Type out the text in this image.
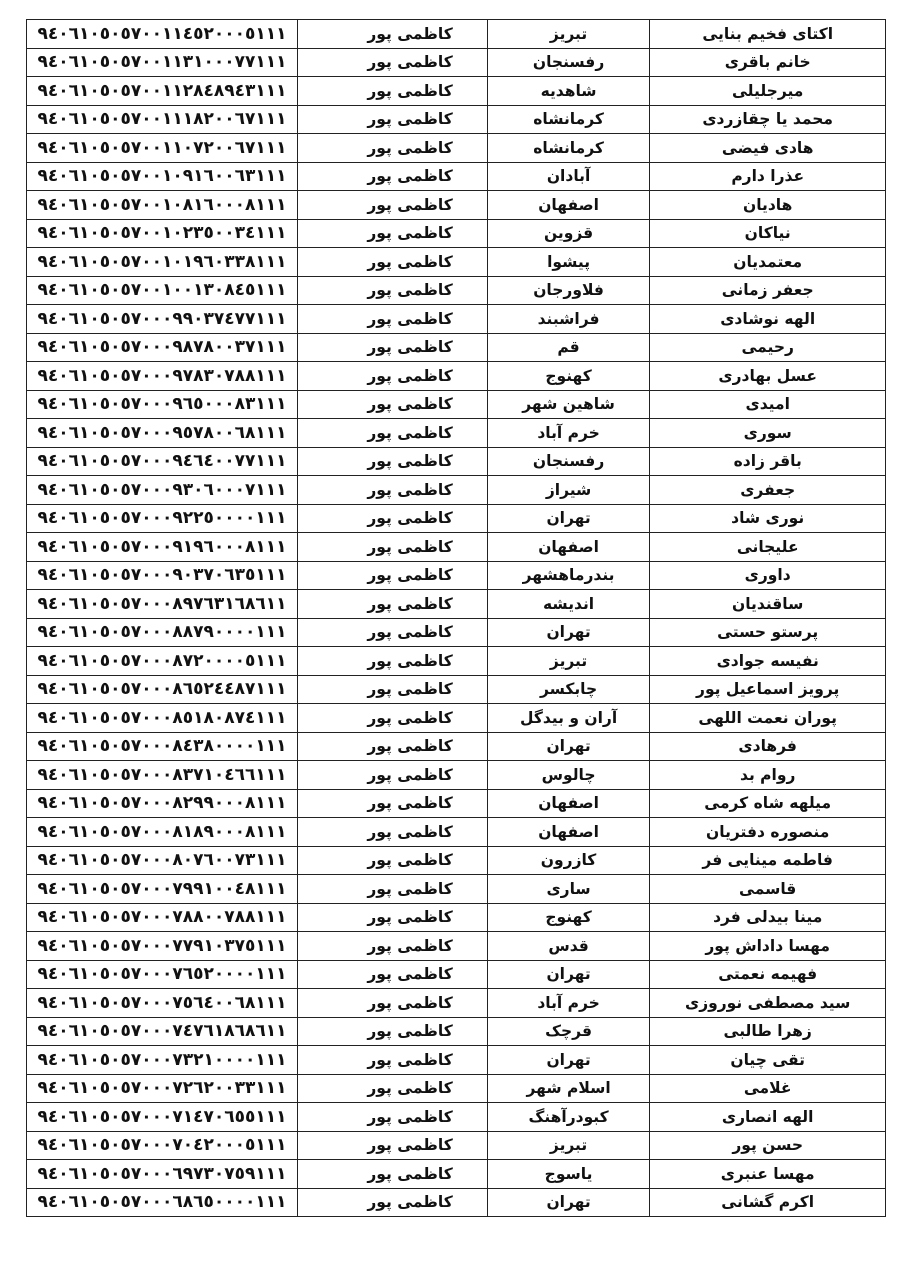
٩٤٠٦١٠٥٠٥٧٠٠١١٤٥٢٠٠٠٥١١١	کاظمی پور	تبریز	اکتای فخیم بنایی
٩٤٠٦١٠٥٠٥٧٠٠١١٣١٠٠٠٧٧١١١	کاظمی پور	رفسنجان	خانم باقری
٩٤٠٦١٠٥٠٥٧٠٠١١٢٨٤٨٩٤٣١١١	کاظمی پور	شاهدیه	میرجلیلی
٩٤٠٦١٠٥٠٥٧٠٠١١١٨٢٠٠٦٧١١١	کاظمی پور	کرمانشاه	محمد یا چقازردی
٩٤٠٦١٠٥٠٥٧٠٠١١٠٧٢٠٠٦٧١١١	کاظمی پور	کرمانشاه	هادی فیضی
٩٤٠٦١٠٥٠٥٧٠٠١٠٩١٦٠٠٦٣١١١	کاظمی پور	آبادان	عذرا دارم
٩٤٠٦١٠٥٠٥٧٠٠١٠٨١٦٠٠٠٨١١١	کاظمی پور	اصفهان	هادیان
٩٤٠٦١٠٥٠٥٧٠٠١٠٢٣٥٠٠٣٤١١١	کاظمی پور	قزوین	نیاکان
٩٤٠٦١٠٥٠٥٧٠٠١٠١٩٦٠٣٣٨١١١	کاظمی پور	پیشوا	معتمدیان
٩٤٠٦١٠٥٠٥٧٠٠١٠٠١٣٠٨٤٥١١١	کاظمی پور	فلاورجان	جعفر زمانی
٩٤٠٦١٠٥٠٥٧٠٠٠٩٩٠٣٧٤٧٧١١١	کاظمی پور	فراشبند	الهه نوشادی
٩٤٠٦١٠٥٠٥٧٠٠٠٩٨٧٨٠٠٣٧١١١	کاظمی پور	قم	رحیمی
٩٤٠٦١٠٥٠٥٧٠٠٠٩٧٨٣٠٧٨٨١١١	کاظمی پور	کهنوج	عسل بهادری
٩٤٠٦١٠٥٠٥٧٠٠٠٩٦٥٠٠٠٨٣١١١	کاظمی پور	شاهین شهر	امیدی
٩٤٠٦١٠٥٠٥٧٠٠٠٩٥٧٨٠٠٦٨١١١	کاظمی پور	خرم آباد	سوری
٩٤٠٦١٠٥٠٥٧٠٠٠٩٤٦٤٠٠٧٧١١١	کاظمی پور	رفسنجان	باقر زاده
٩٤٠٦١٠٥٠٥٧٠٠٠٩٣٠٦٠٠٠٧١١١	کاظمی پور	شیراز	جعفری
٩٤٠٦١٠٥٠٥٧٠٠٠٩٢٢٥٠٠٠٠١١١	کاظمی پور	تهران	نوری شاد
٩٤٠٦١٠٥٠٥٧٠٠٠٩١٩٦٠٠٠٨١١١	کاظمی پور	اصفهان	علیجانی
٩٤٠٦١٠٥٠٥٧٠٠٠٩٠٣٧٠٦٣٥١١١	کاظمی پور	بندرماهشهر	داوری
٩٤٠٦١٠٥٠٥٧٠٠٠٨٩٧٦٣١٦٨٦١١	کاظمی پور	اندیشه	ساقندیان
٩٤٠٦١٠٥٠٥٧٠٠٠٨٨٧٩٠٠٠٠١١١	کاظمی پور	تهران	پرستو حستی
٩٤٠٦١٠٥٠٥٧٠٠٠٨٧٢٠٠٠٠٥١١١	کاظمی پور	تبریز	نفیسه جوادی
٩٤٠٦١٠٥٠٥٧٠٠٠٨٦٥٢٤٤٨٧١١١	کاظمی پور	چابکسر	پرویز اسماعیل پور
٩٤٠٦١٠٥٠٥٧٠٠٠٨٥١٨٠٨٧٤١١١	کاظمی پور	آران و بیدگل	پوران نعمت اللهی
٩٤٠٦١٠٥٠٥٧٠٠٠٨٤٣٨٠٠٠٠١١١	کاظمی پور	تهران	فرهادی
٩٤٠٦١٠٥٠٥٧٠٠٠٨٣٧١٠٤٦٦١١١	کاظمی پور	چالوس	روام بد
٩٤٠٦١٠٥٠٥٧٠٠٠٨٢٩٩٠٠٠٨١١١	کاظمی پور	اصفهان	میلهه شاه کرمی
٩٤٠٦١٠٥٠٥٧٠٠٠٨١٨٩٠٠٠٨١١١	کاظمی پور	اصفهان	منصوره دفتریان
٩٤٠٦١٠٥٠٥٧٠٠٠٨٠٧٦٠٠٧٣١١١	کاظمی پور	کازرون	فاطمه مینایی فر
٩٤٠٦١٠٥٠٥٧٠٠٠٧٩٩١٠٠٤٨١١١	کاظمی پور	ساری	قاسمی
٩٤٠٦١٠٥٠٥٧٠٠٠٧٨٨٠٠٧٨٨١١١	کاظمی پور	کهنوج	مینا بیدلی فرد
٩٤٠٦١٠٥٠٥٧٠٠٠٧٧٩١٠٣٧٥١١١	کاظمی پور	قدس	مهسا داداش پور
٩٤٠٦١٠٥٠٥٧٠٠٠٧٦٥٢٠٠٠٠١١١	کاظمی پور	تهران	فهیمه نعمتی
٩٤٠٦١٠٥٠٥٧٠٠٠٧٥٦٤٠٠٦٨١١١	کاظمی پور	خرم آباد	سید مصطفی نوروزی
٩٤٠٦١٠٥٠٥٧٠٠٠٧٤٧٦١٨٦٨٦١١	کاظمی پور	قرچک	زهرا طالبی
٩٤٠٦١٠٥٠٥٧٠٠٠٧٣٢١٠٠٠٠١١١	کاظمی پور	تهران	تقی چیان
٩٤٠٦١٠٥٠٥٧٠٠٠٧٢٦٢٠٠٣٣١١١	کاظمی پور	اسلام شهر	غلامی
٩٤٠٦١٠٥٠٥٧٠٠٠٧١٤٧٠٦٥٥١١١	کاظمی پور	کبودرآهنگ	الهه انصاری
٩٤٠٦١٠٥٠٥٧٠٠٠٧٠٤٢٠٠٠٥١١١	کاظمی پور	تبریز	حسن پور
٩٤٠٦١٠٥٠٥٧٠٠٠٦٩٧٣٠٧٥٩١١١	کاظمی پور	یاسوج	مهسا عنبری
٩٤٠٦١٠٥٠٥٧٠٠٠٦٨٦٥٠٠٠٠١١١	کاظمی پور	تهران	اکرم گشانی
